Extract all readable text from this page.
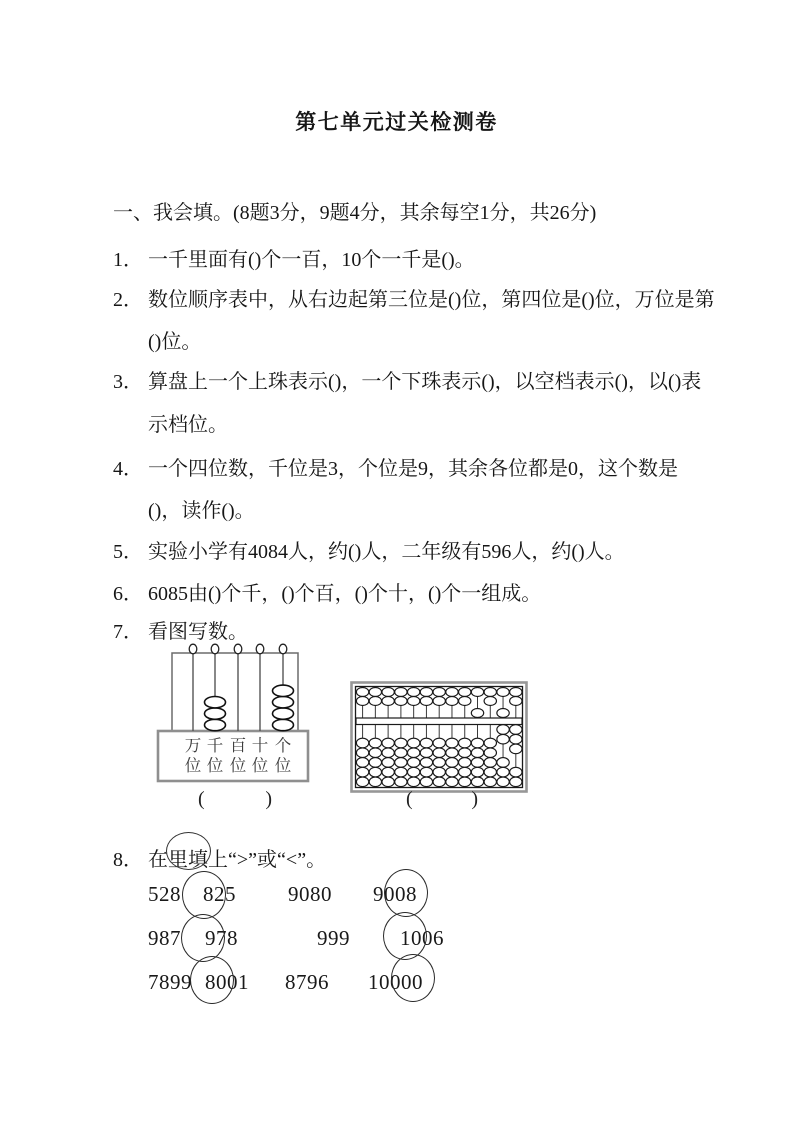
第七单元过关检测卷
一、我会填。(8题3分，9题4分，其余每空1分，共26分)
1． 一千里面有()个一百，10个一千是()。
2． 数位顺序表中，从右边起第三位是()位，第四位是()位，万位是第
()位。
3． 算盘上一个上珠表示()，一个下珠表示()，以空档表示()，以()表
示档位。
4． 一个四位数，千位是3，个位是9，其余各位都是0，这个数是
()，读作()。
5． 实验小学有4084人，约()人，二年级有596人，约()人。
6． 6085由()个千，()个百，()个十，()个一组成。
7． 看图写数。
万
位
千
位
百
位
十
位
个
位
(	)	(	)
8． 在里填上“>”或“<”。
528 825 9080 9008
987 978	999 1006
7899 8001 8796 10000
